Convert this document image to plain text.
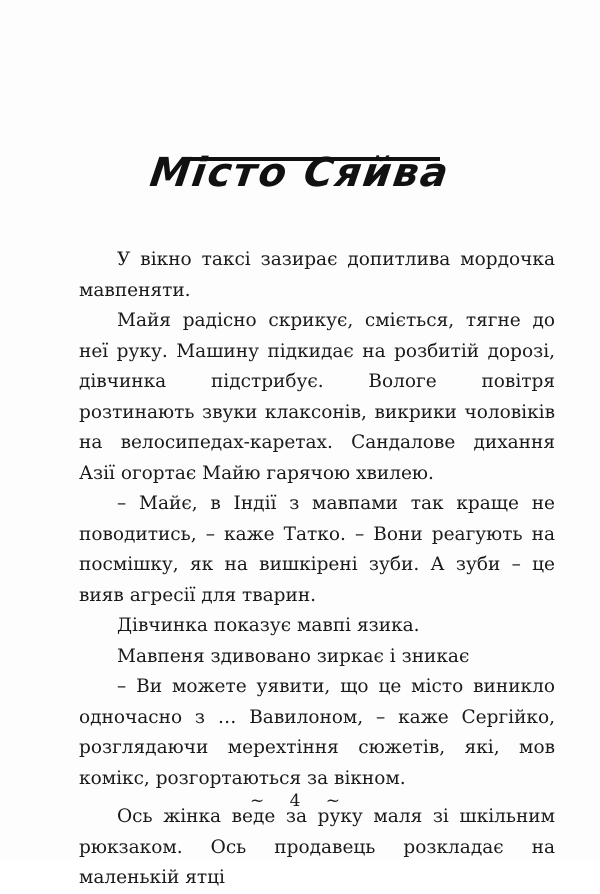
Місто Сяйва

У вікно таксі зазирає допитлива мордочка мавпеняти.

Майя радісно скрикує, сміється, тягне до неї руку. Машину підкидає на розбитій дорозі, дівчинка підстрибує. Вологе повітря розтинають звуки клаксонів, викрики чоловіків на велосипедах-каретах. Сандалове дихання Азії огортає Майю гарячою хвилею.

– Майє, в Індії з мавпами так краще не поводитись, – каже Татко. – Вони реагують на посмішку, як на вишкірені зуби. А зуби – це вияв агресії для тварин.

Дівчинка показує мавпі язика.

Мавпеня здивовано зиркає і зникає

– Ви можете уявити, що це місто виникло одночасно з … Вавилоном, – каже Сергійко, розглядаючи мерехтіння сюжетів, які, мов комікс, розгортаються за вікном.

Ось жінка веде за руку маля зі шкільним рюкзаком. Ось продавець розкладає на маленькій ятці

~ 4 ~
